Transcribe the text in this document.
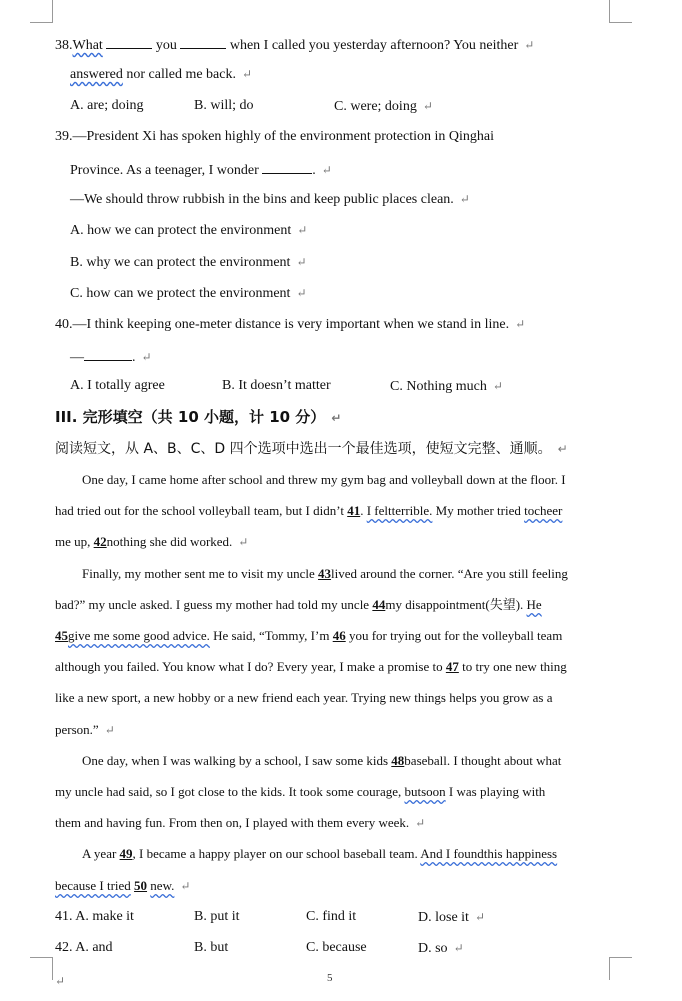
38.What	you	when I called you yesterday afternoon? You neither ↵
answered nor called me back. ↵
A. are; doing	B. will; do	C. were; doing ↵
39.—President Xi has spoken highly of the environment protection in Qinghai
Province. As a teenager, I wonder	. ↵
—We should throw rubbish in the bins and keep public places clean. ↵
A. how we can protect the environment ↵
B. why we can protect the environment ↵
C. how can we protect the environment ↵
40.—I think keeping one-meter distance is very important when we stand in line. ↵
—	. ↵
A. I totally agree	B. It doesn’t matter	C. Nothing much ↵
III. 完形填空（共 10 小题，计 10 分） ↵
阅读短文，从 A、B、C、D 四个选项中选出一个最佳选项，使短文完整、通顺。 ↵
One day, I came home after school and threw my gym bag and volleyball down at the floor. I
had tried out for the school volleyball team, but I didn’t 41. I feltterrible. My mother tried tocheer
me up, 42nothing she did worked. ↵
Finally, my mother sent me to visit my uncle 43lived around the corner. “Are you still feeling
bad?” my uncle asked. I guess my mother had told my uncle 44my disappointment(失望). He
45give me some good advice. He said, “Tommy, I’m 46 you for trying out for the volleyball team
although you failed. You know what I do? Every year, I make a promise to 47 to try one new thing
like a new sport, a new hobby or a new friend each year. Trying new things helps you grow as a
person.” ↵
One day, when I was walking by a school, I saw some kids 48baseball. I thought about what
my uncle had said, so I got close to the kids. It took some courage, butsoon I was playing with
them and having fun. From then on, I played with them every week. ↵
A year 49, I became a happy player on our school baseball team. And I foundthis happiness
because I tried 50 new. ↵
41. A. make it	B. put it	C. find it	D. lose it ↵
42. A. and	B. but	C. because	D. so ↵
↵	5
